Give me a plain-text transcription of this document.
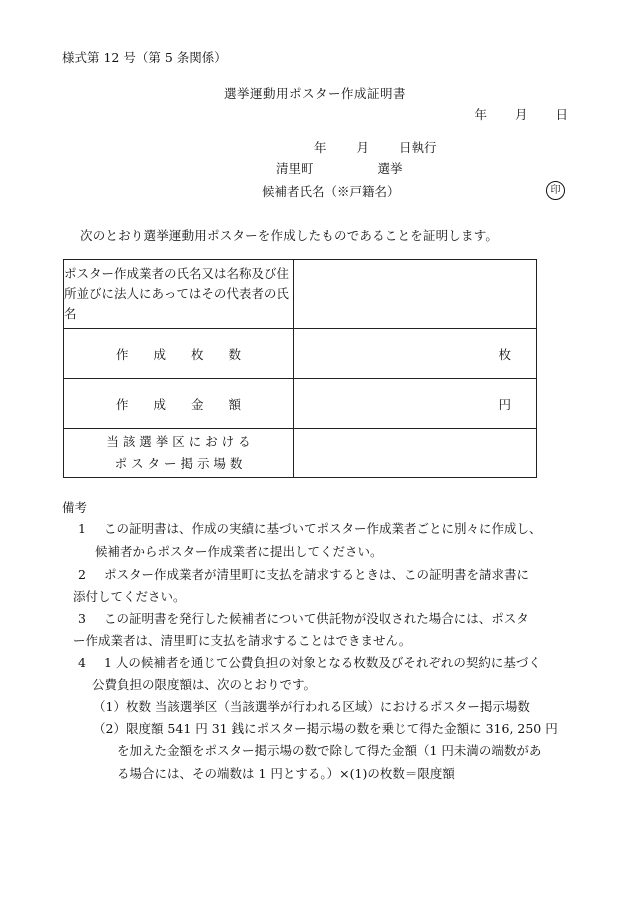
様式第 12 号（第 5 条関係）
選挙運動用ポスター作成証明書
年 月 日
年 月 日執行
清里町	選挙
候補者氏名（※戸籍名）	印
次のとおり選挙運動用ポスターを作成したものであることを証明します。
ポスター作成業者の氏名又は名称及び住所並びに法人にあってはその代表者の氏名	
作　　成　　枚　　数	枚
作　　成　　金　　額	円

当 該 選 挙 区 に お け る
ポ ス タ ー 掲 示 場 数	

備考
1 この証明書は、作成の実績に基づいてポスター作成業者ごとに別々に作成し、
候補者からポスター作成業者に提出してください。
2 ポスター作成業者が清里町に支払を請求するときは、この証明書を請求書に
添付してください。
3 この証明書を発行した候補者について供託物が没収された場合には、ポスタ
ー作成業者は、清里町に支払を請求することはできません。
4 1 人の候補者を通じて公費負担の対象となる枚数及びそれぞれの契約に基づく
公費負担の限度額は、次のとおりです。
（1）枚数 当該選挙区（当該選挙が行われる区域）におけるポスター掲示場数
（2）限度額 541 円 31 銭にポスター掲示場の数を乗じて得た金額に 316, 250 円
を加えた金額をポスター掲示場の数で除して得た金額（1 円未満の端数があ
る場合には、その端数は 1 円とする。）×(1)の枚数＝限度額
